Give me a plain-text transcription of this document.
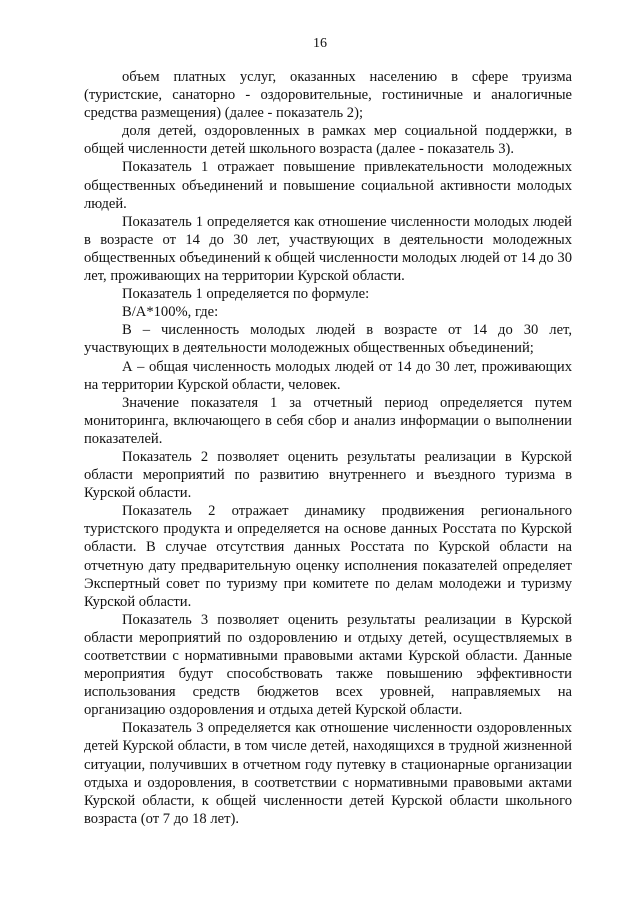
16

объем платных услуг, оказанных населению в сфере труизма (туристские, санаторно - оздоровительные, гостиничные и аналогичные средства размещения) (далее - показатель 2);

доля детей, оздоровленных в рамках мер социальной поддержки, в общей численности детей школьного возраста (далее - показатель 3).

Показатель 1 отражает повышение привлекательности молодежных общественных объединений и повышение социальной активности молодых людей.

Показатель 1 определяется как отношение численности молодых людей в возрасте от 14 до 30 лет, участвующих в деятельности молодежных общественных объединений к общей численности молодых людей от 14 до 30 лет, проживающих на территории Курской области.

Показатель 1 определяется по формуле:

В/А*100%, где:

В – численность молодых людей в возрасте от 14 до 30 лет, участвующих в деятельности молодежных общественных объединений;

А – общая численность молодых людей от 14 до 30 лет, проживающих на территории Курской области, человек.

Значение показателя 1 за отчетный период определяется путем мониторинга, включающего в себя сбор и анализ информации о выполнении показателей.

Показатель 2 позволяет оценить результаты реализации в Курской области мероприятий по развитию внутреннего и въездного туризма в Курской области.

Показатель 2 отражает динамику продвижения регионального туристского продукта и определяется на основе данных Росстата по Курской области. В случае отсутствия данных Росстата по Курской области на отчетную дату предварительную оценку исполнения показателей определяет Экспертный совет по туризму при комитете по делам молодежи и туризму Курской области.

Показатель 3 позволяет оценить результаты реализации в Курской области мероприятий по оздоровлению и отдыху детей, осуществляемых в соответствии с нормативными правовыми актами Курской области. Данные мероприятия будут способствовать также повышению эффективности использования средств бюджетов всех уровней, направляемых на организацию оздоровления и отдыха детей Курской области.

Показатель 3 определяется как отношение численности оздоровленных детей Курской области, в том числе детей, находящихся в трудной жизненной ситуации, получивших в отчетном году путевку в стационарные организации отдыха и оздоровления, в соответствии с нормативными правовыми актами Курской области, к общей численности детей Курской области школьного возраста (от 7 до 18 лет).
